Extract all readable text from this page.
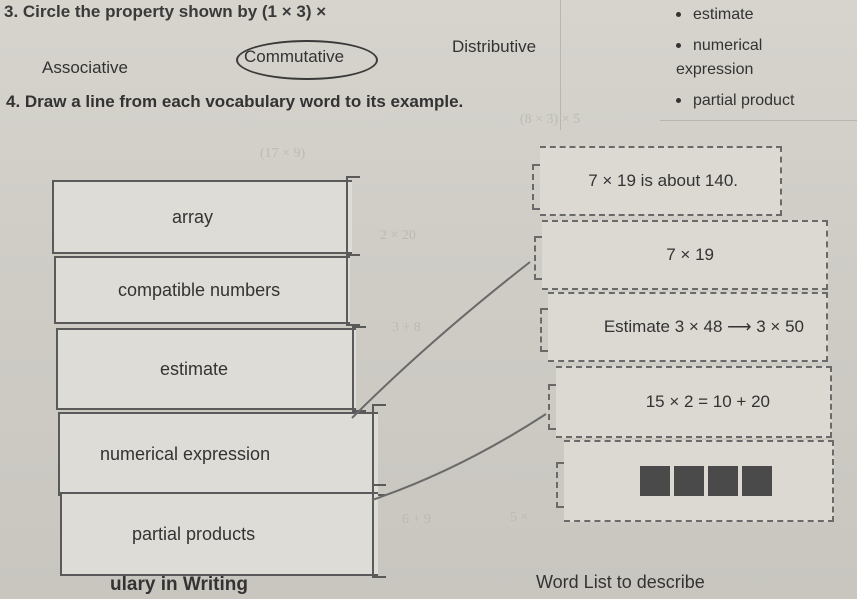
3. Circle the property shown by (1 × 3) ×
Associative
Commutative
Distributive
estimate
numerical expression
partial product
4. Draw a line from each vocabulary word to its example.
(8 × 3) × 5
(17 × 9)
2 × 20
3 + 8
6 + 9	5 ×
array
compatible numbers
estimate
numerical expression
partial products
7 × 19 is about 140.
7 × 19
Estimate 3 × 48 ⟶ 3 × 50
15 × 2 = 10 + 20
ulary in Writing	Word List to describe
